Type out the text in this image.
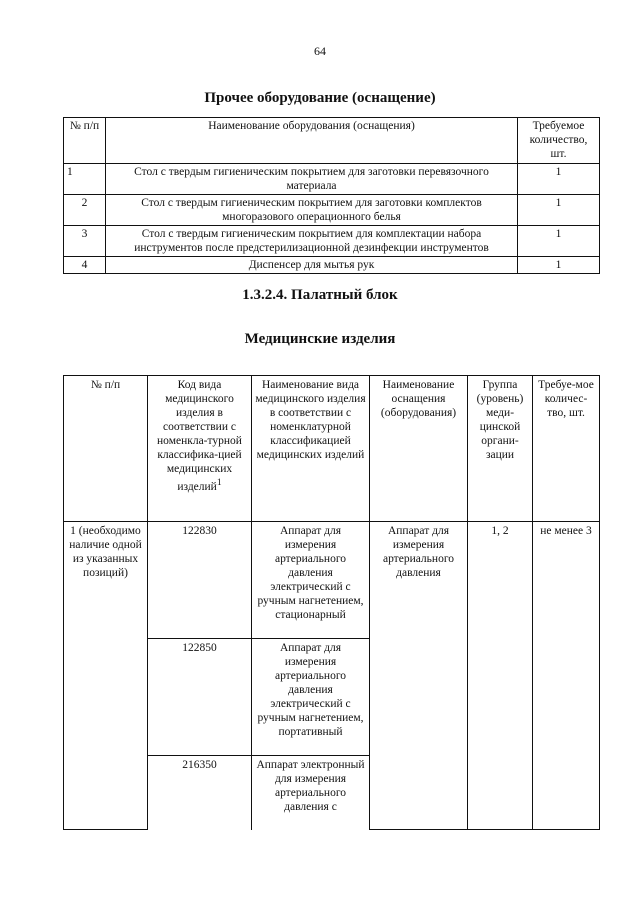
64
Прочее оборудование (оснащение)
№ п/п	Наименование оборудования (оснащения)	Требуемое количество, шт.
1	Стол с твердым гигиеническим покрытием для заготовки перевязочного материала	1
2	Стол с твердым гигиеническим покрытием для заготовки комплектов многоразового операционного белья	1
3	Стол с твердым гигиеническим покрытием для комплектации набора инструментов после предстерилизационной дезинфекции инструментов	1
4	Диспенсер для мытья рук	1
1.3.2.4. Палатный блок
Медицинские изделия
№ п/п	Код вида медицинского изделия в соответствии с номенкла-турной классифика-цией медицинских изделий$^1$	Наименование вида медицинского изделия в соответствии с номенклатурной классификацией медицинских изделий	Наименование оснащения (оборудования)	Группа (уровень) меди-цинской органи-зации	Требуе-мое количес-тво, шт.
1 (необходимо наличие одной из указанных позиций)	122830	Аппарат для измерения артериального давления электрический с ручным нагнетением, стационарный	Аппарат для измерения артериального давления	1, 2	не менее 3
	122850	Аппарат для измерения артериального давления электрический с ручным нагнетением, портативный			
	216350	Аппарат электронный для измерения артериального давления с			
